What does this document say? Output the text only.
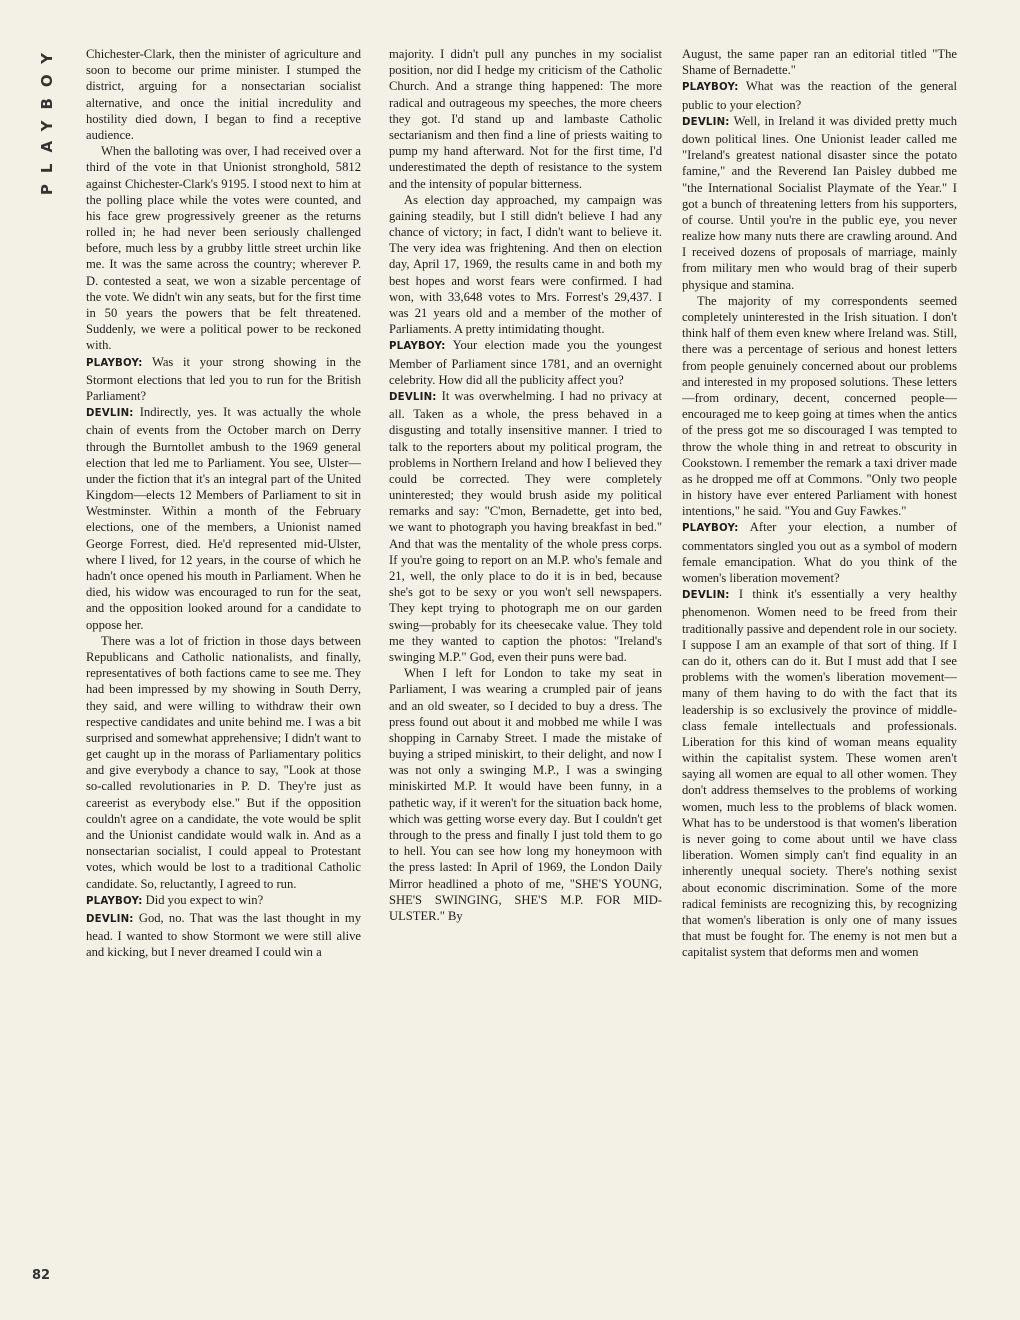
PLAYBOY Chichester-Clark, then the minister of agriculture and soon to become our prime minister. I stumped the district, arguing for a nonsectarian socialist alternative, and once the initial incredulity and hostility died down, I began to find a receptive audience.

When the balloting was over, I had received over a third of the vote in that Unionist stronghold, 5812 against Chichester-Clark's 9195. I stood next to him at the polling place while the votes were counted, and his face grew progressively greener as the returns rolled in; he had never been seriously challenged before, much less by a grubby little street urchin like me. It was the same across the country; wherever P. D. contested a seat, we won a sizable percentage of the vote. We didn't win any seats, but for the first time in 50 years the powers that be felt threatened. Suddenly, we were a political power to be reckoned with.

PLAYBOY: Was it your strong showing in the Stormont elections that led you to run for the British Parliament?

DEVLIN: Indirectly, yes. It was actually the whole chain of events from the October march on Derry through the Burntollet ambush to the 1969 general election that led me to Parliament. You see, Ulster—under the fiction that it's an integral part of the United Kingdom—elects 12 Members of Parliament to sit in Westminster. Within a month of the February elections, one of the members, a Unionist named George Forrest, died. He'd represented mid-Ulster, where I lived, for 12 years, in the course of which he hadn't once opened his mouth in Parliament. When he died, his widow was encouraged to run for the seat, and the opposition looked around for a candidate to oppose her.

There was a lot of friction in those days between Republicans and Catholic nationalists, and finally, representatives of both factions came to see me. They had been impressed by my showing in South Derry, they said, and were willing to withdraw their own respective candidates and unite behind me. I was a bit surprised and somewhat apprehensive; I didn't want to get caught up in the morass of Parliamentary politics and give everybody a chance to say, "Look at those so-called revolutionaries in P. D. They're just as careerist as everybody else." But if the opposition couldn't agree on a candidate, the vote would be split and the Unionist candidate would walk in. And as a nonsectarian socialist, I could appeal to Protestant votes, which would be lost to a traditional Catholic candidate. So, reluctantly, I agreed to run.

PLAYBOY: Did you expect to win?

DEVLIN: God, no. That was the last thought in my head. I wanted to show Stormont we were still alive and kicking, but I never dreamed I could win a

majority. I didn't pull any punches in my socialist position, nor did I hedge my criticism of the Catholic Church. And a strange thing happened: The more radical and outrageous my speeches, the more cheers they got. I'd stand up and lambaste Catholic sectarianism and then find a line of priests waiting to pump my hand afterward. Not for the first time, I'd underestimated the depth of resistance to the system and the intensity of popular bitterness.

As election day approached, my campaign was gaining steadily, but I still didn't believe I had any chance of victory; in fact, I didn't want to believe it. The very idea was frightening. And then on election day, April 17, 1969, the results came in and both my best hopes and worst fears were confirmed. I had won, with 33,648 votes to Mrs. Forrest's 29,437. I was 21 years old and a member of the mother of Parliaments. A pretty intimidating thought.

PLAYBOY: Your election made you the youngest Member of Parliament since 1781, and an overnight celebrity. How did all the publicity affect you?

DEVLIN: It was overwhelming. I had no privacy at all. Taken as a whole, the press behaved in a disgusting and totally insensitive manner. I tried to talk to the reporters about my political program, the problems in Northern Ireland and how I believed they could be corrected. They were completely uninterested; they would brush aside my political remarks and say: "C'mon, Bernadette, get into bed, we want to photograph you having breakfast in bed." And that was the mentality of the whole press corps. If you're going to report on an M.P. who's female and 21, well, the only place to do it is in bed, because she's got to be sexy or you won't sell newspapers. They kept trying to photograph me on our garden swing—probably for its cheesecake value. They told me they wanted to caption the photos: "Ireland's swinging M.P." God, even their puns were bad.

When I left for London to take my seat in Parliament, I was wearing a crumpled pair of jeans and an old sweater, so I decided to buy a dress. The press found out about it and mobbed me while I was shopping in Carnaby Street. I made the mistake of buying a striped miniskirt, to their delight, and now I was not only a swinging M.P., I was a swinging miniskirted M.P. It would have been funny, in a pathetic way, if it weren't for the situation back home, which was getting worse every day. But I couldn't get through to the press and finally I just told them to go to hell. You can see how long my honeymoon with the press lasted: In April of 1969, the London Daily Mirror headlined a photo of me, "SHE'S YOUNG, SHE'S SWINGING, SHE'S M.P. FOR MID-ULSTER." By

August, the same paper ran an editorial titled "The Shame of Bernadette."

PLAYBOY: What was the reaction of the general public to your election?

DEVLIN: Well, in Ireland it was divided pretty much down political lines. One Unionist leader called me "Ireland's greatest national disaster since the potato famine," and the Reverend Ian Paisley dubbed me "the International Socialist Playmate of the Year." I got a bunch of threatening letters from his supporters, of course. Until you're in the public eye, you never realize how many nuts there are crawling around. And I received dozens of proposals of marriage, mainly from military men who would brag of their superb physique and stamina.

The majority of my correspondents seemed completely uninterested in the Irish situation. I don't think half of them even knew where Ireland was. Still, there was a percentage of serious and honest letters from people genuinely concerned about our problems and interested in my proposed solutions. These letters—from ordinary, decent, concerned people—encouraged me to keep going at times when the antics of the press got me so discouraged I was tempted to throw the whole thing in and retreat to obscurity in Cookstown. I remember the remark a taxi driver made as he dropped me off at Commons. "Only two people in history have ever entered Parliament with honest intentions," he said. "You and Guy Fawkes."

PLAYBOY: After your election, a number of commentators singled you out as a symbol of modern female emancipation. What do you think of the women's liberation movement?

DEVLIN: I think it's essentially a very healthy phenomenon. Women need to be freed from their traditionally passive and dependent role in our society. I suppose I am an example of that sort of thing. If I can do it, others can do it. But I must add that I see problems with the women's liberation movement—many of them having to do with the fact that its leadership is so exclusively the province of middle-class female intellectuals and professionals. Liberation for this kind of woman means equality within the capitalist system. These women aren't saying all women are equal to all other women. They don't address themselves to the problems of working women, much less to the problems of black women. What has to be understood is that women's liberation is never going to come about until we have class liberation. Women simply can't find equality in an inherently unequal society. There's nothing sexist about economic discrimination. Some of the more radical feminists are recognizing this, by recognizing that women's liberation is only one of many issues that must be fought for. The enemy is not men but a capitalist system that deforms men and women

82
